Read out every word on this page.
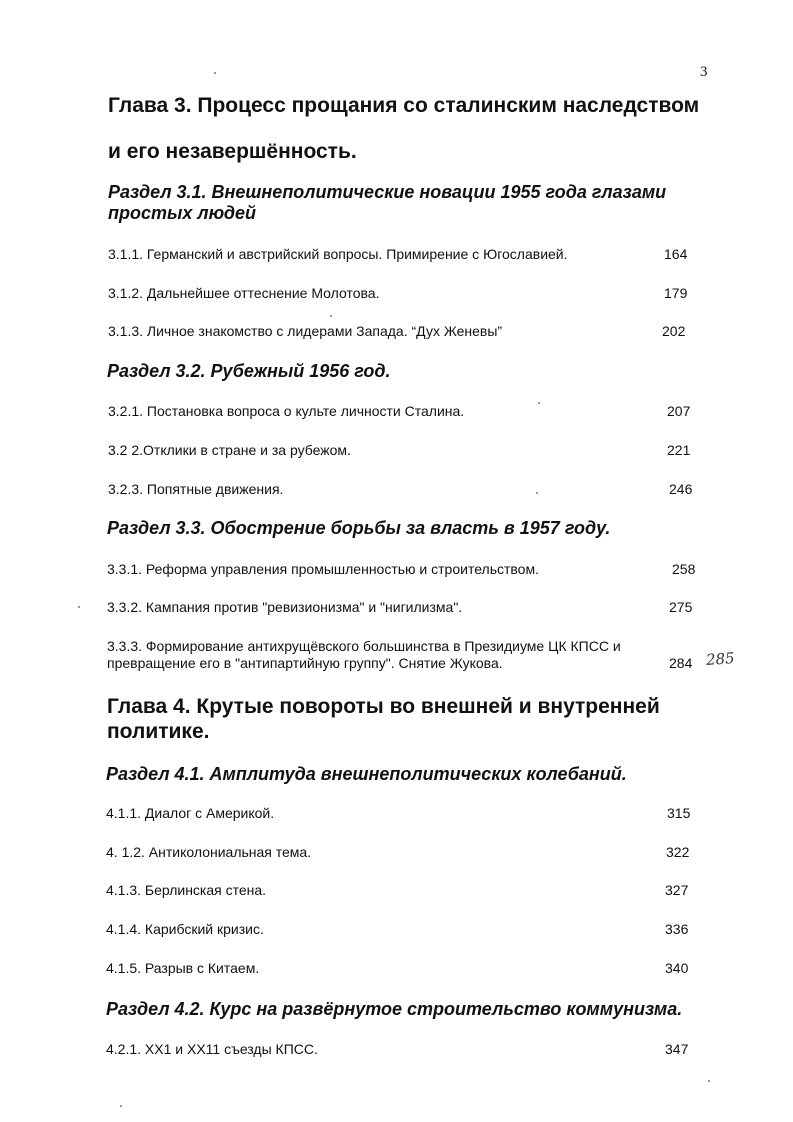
3
Глава 3. Процесс прощания со сталинским наследством
и его незавершённость.
Раздел 3.1. Внешнеполитические новации 1955 года глазами
простых людей
3.1.1. Германский и австрийский вопросы. Примирение с Югославией.	164
3.1.2. Дальнейшее оттеснение Молотова.	179
3.1.3. Личное знакомство с лидерами Запада. “Дух Женевы”	202
Раздел 3.2. Рубежный 1956 год.
3.2.1. Постановка вопроса о культе личности Сталина.	207
3.2 2.Отклики в стране и за рубежом.	221
3.2.3. Попятные движения.	246
Раздел 3.3. Обострение борьбы за власть в 1957 году.
3.3.1. Реформа управления промышленностью и строительством.	258
3.3.2. Кампания против "ревизионизма" и "нигилизма".	275
3.3.3. Формирование антихрущёвского большинства в Президиуме ЦК КПСС и
превращение его в "антипартийную группу". Снятие Жукова.	284 285
Глава 4. Крутые повороты во внешней и внутренней
политике.
Раздел 4.1. Амплитуда внешнеполитических колебаний.
4.1.1. Диалог с Америкой.	315
4. 1.2. Антиколониальная тема.	322
4.1.3. Берлинская стена.	327
4.1.4. Карибский кризис.	336
4.1.5. Разрыв с Китаем.	340
Раздел 4.2. Курс на развёрнутое строительство коммунизма.
4.2.1. XX1 и XX11 съезды КПСС.	347
